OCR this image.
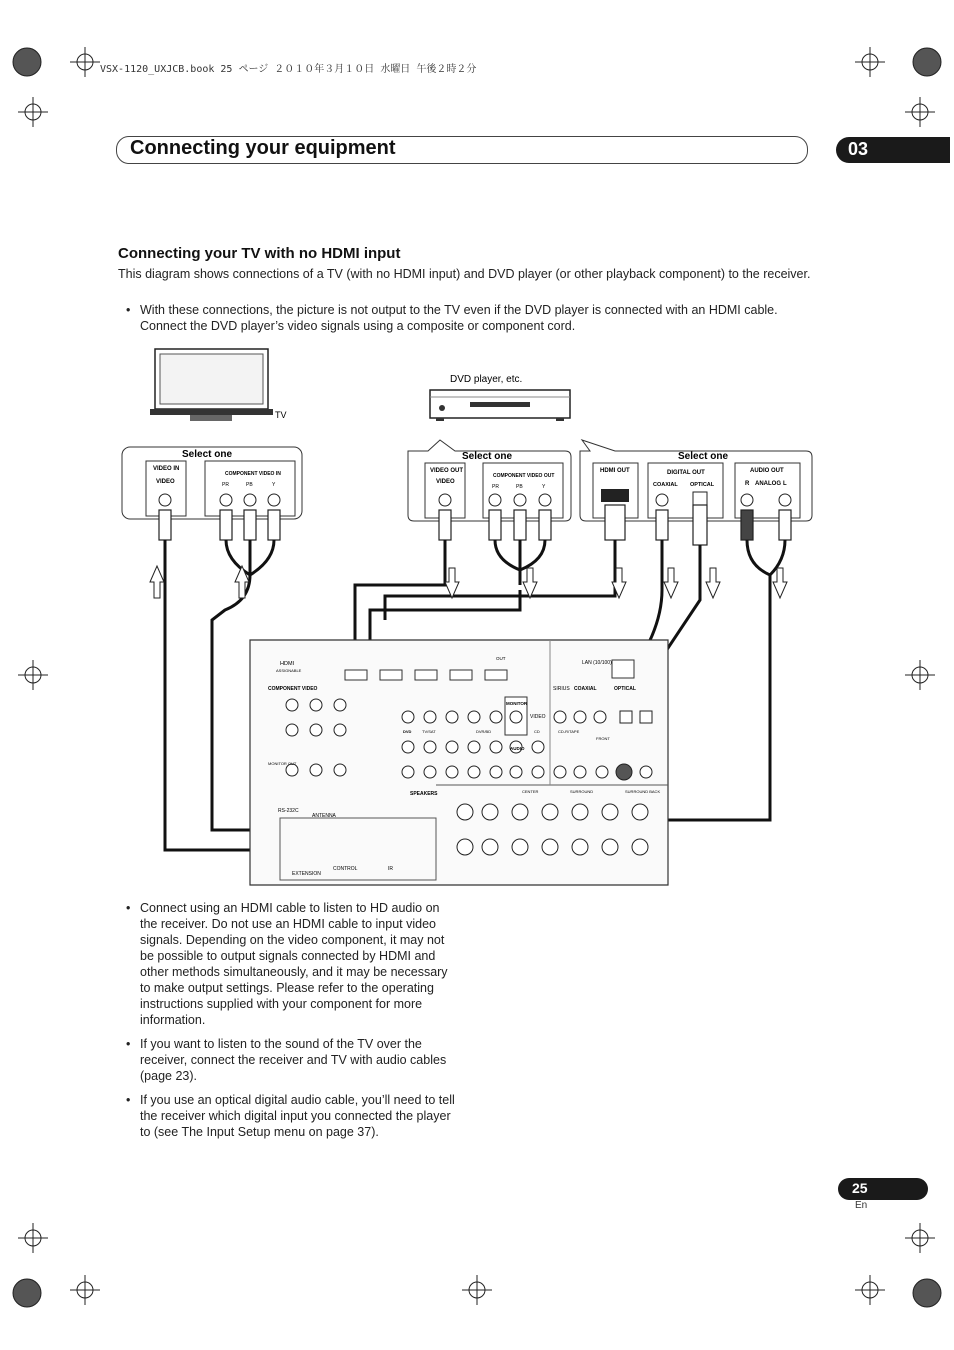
VSX-1120_UXJCB.book 25 ページ ２０１０年３月１０日 水曜日 午後２時２分
Connecting your equipment	03
Connecting your TV with no HDMI input
This diagram shows connections of a TV (with no HDMI input) and DVD player (or other playback component) to the receiver.
• With these connections, the picture is not output to the TV even if the DVD player is connected with an HDMI cable. Connect the DVD player’s video signals using a composite or component cord.
TV
DVD player, etc.
Select one
VIDEO IN
VIDEO
COMPONENT VIDEO IN
PR	PB	Y
Select one
VIDEO OUT
VIDEO
COMPONENT VIDEO OUT
PR	PB	Y
Select one
HDMI OUT	DIGITAL OUT
COAXIAL OPTICAL
AUDIO OUT
R ANALOG L
HDMI
ASSIGNABLE
OUT
LAN (10/100)
COMPONENT VIDEO
MONITOR OUT
MONITOR
VIDEO
AUDIO
SIRIUS COAXIAL	OPTICAL
DVD	TV/SAT	DVR/BD	CD	CD-R/TAPE
FRONT
CENTER	SURROUND	SURROUND BACK
SPEAKERS
ANTENNA
RS-232C
EXTENSION
CONTROL	IR
• Connect using an HDMI cable to listen to HD audio on the receiver. Do not use an HDMI cable to input video signals. Depending on the video component, it may not be possible to output signals connected by HDMI and other methods simultaneously, and it may be necessary to make output settings. Please refer to the operating instructions supplied with your component for more information.
• If you want to listen to the sound of the TV over the receiver, connect the receiver and TV with audio cables (page 23).
• If you use an optical digital audio cable, you’ll need to tell the receiver which digital input you connected the player to (see The Input Setup menu on page 37).
25
En
